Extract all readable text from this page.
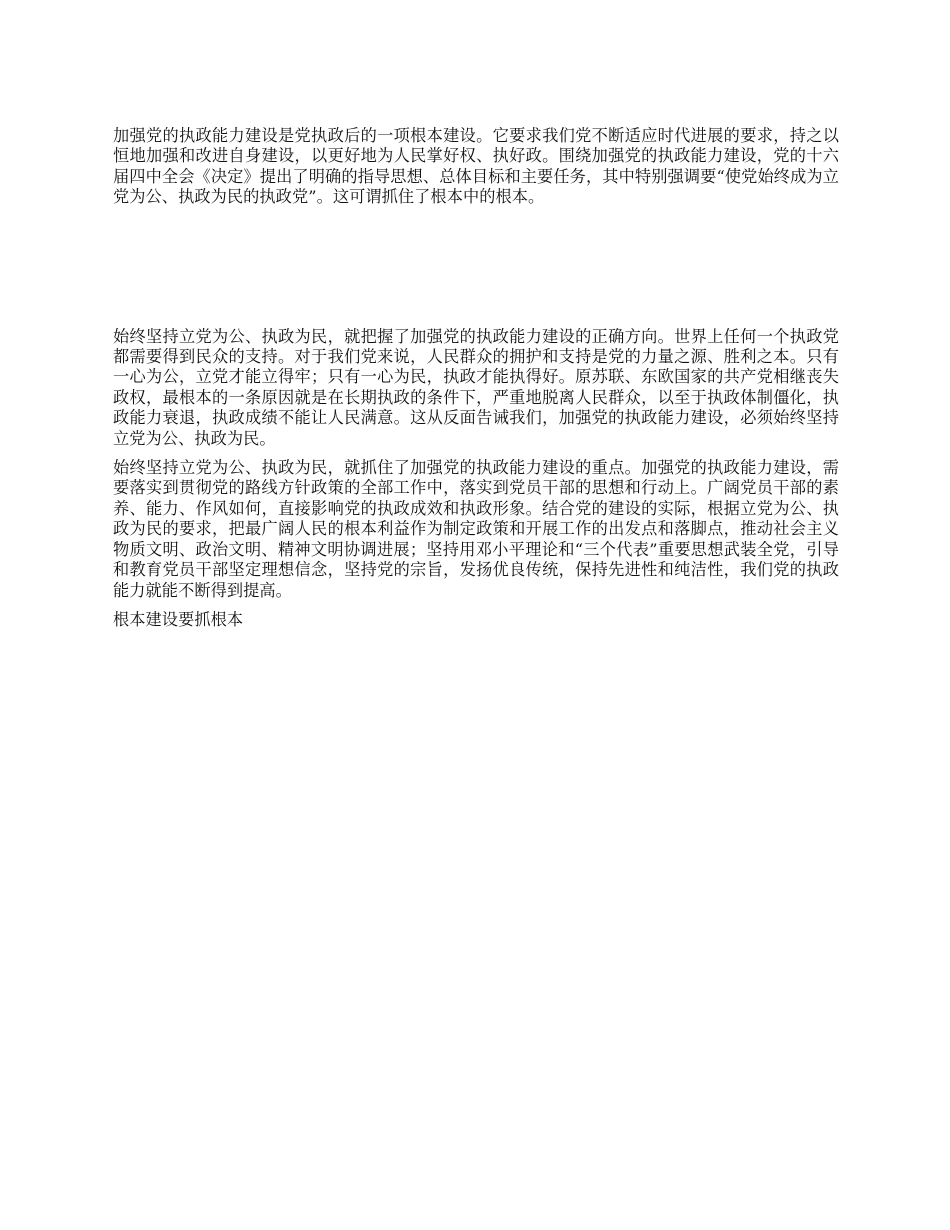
加强党的执政能力建设是党执政后的一项根本建设。它要求我们党不断适应时代进展的要求，持之以恒地加强和改进自身建设，以更好地为人民掌好权、执好政。围绕加强党的执政能力建设，党的十六届四中全会《决定》提出了明确的指导思想、总体目标和主要任务，其中特别强调要“使党始终成为立党为公、执政为民的执政党”。这可谓抓住了根本中的根本。

始终坚持立党为公、执政为民，就把握了加强党的执政能力建设的正确方向。世界上任何一个执政党都需要得到民众的支持。对于我们党来说，人民群众的拥护和支持是党的力量之源、胜利之本。只有一心为公，立党才能立得牢；只有一心为民，执政才能执得好。原苏联、东欧国家的共产党相继丧失政权，最根本的一条原因就是在长期执政的条件下，严重地脱离人民群众，以至于执政体制僵化，执政能力衰退，执政成绩不能让人民满意。这从反面告诫我们，加强党的执政能力建设，必须始终坚持立党为公、执政为民。

始终坚持立党为公、执政为民，就抓住了加强党的执政能力建设的重点。加强党的执政能力建设，需要落实到贯彻党的路线方针政策的全部工作中，落实到党员干部的思想和行动上。广阔党员干部的素养、能力、作风如何，直接影响党的执政成效和执政形象。结合党的建设的实际，根据立党为公、执政为民的要求，把最广阔人民的根本利益作为制定政策和开展工作的出发点和落脚点，推动社会主义物质文明、政治文明、精神文明协调进展；坚持用邓小平理论和“三个代表”重要思想武装全党，引导和教育党员干部坚定理想信念，坚持党的宗旨，发扬优良传统，保持先进性和纯洁性，我们党的执政能力就能不断得到提高。

根本建设要抓根本
